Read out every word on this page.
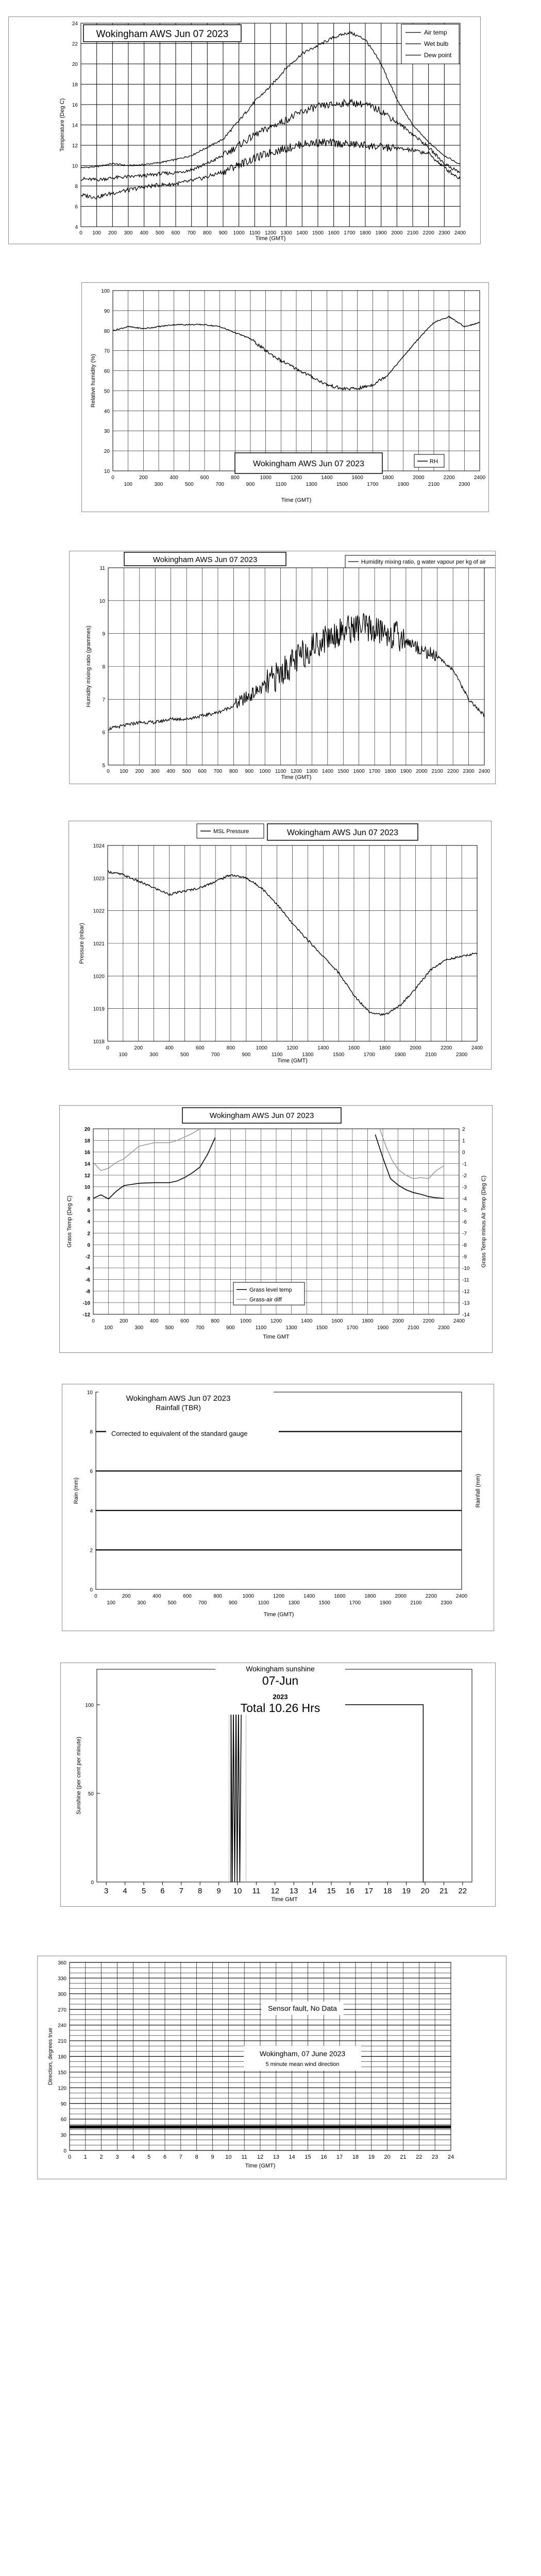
4
6
8
10
12
14
16
18
20
22
24
0 100 200 300 400 500 600 700 800 900 1000 1100 1200 1300 1400 1500 1600 1700 1800 1900 2000 2100 2200 2300 2400
Time (GMT)
Temperature (Deg C)
Wokingham AWS Jun 07 2023	Air temp
Wet bulb
Dew point
10
20
30
40
50
60
70
80
90
100
0	200	400	600	800	1000	1200	1400	1600	1800	2000	2200	2400
100	300	500	700	900	1100	1300	1500	1700	1900	2100	2300
Time (GMT)
Relative humidity (%)
Wokingham AWS Jun 07 2023	RH
5
6
7
8
9
10
11
0 100 200 300 400 500 600 700 800 900 1000 1100 1200 1300 1400 1500 1600 1700 1800 1900 2000 2100 2200 2300 2400
Time (GMT)
Humidity mixing ratio (grammes)
Wokingham AWS Jun 07 2023	Humidity mixing ratio, g water vapour per kg of air
1018
1019
1020
1021
1022
1023
1024
0	200	400	600	800	1000	1200	1400	1600	1800	2000	2200	2400
100	300	500	700	900	1100	1300	1500	1700	1900	2100	2300
Time (GMT)
Pressure (mbar)
MSL Pressure	Wokingham AWS Jun 07 2023
-12
-10
-8
-6
-4
-2
0
2
4
6
8
10
12
14
16
18
20
-14
-13
-12
-11
-10
-9
-8
-7
-6
-5
-4
-3
-2
-1
0
1
2
0	200	400	600	800	1000	1200	1400	1600	1800	2000	2200	2400
100	300	500	700	900	1100	1300	1500	1700	1900	2100	2300
Time GMT
Grass Temp (Deg C)	Grass Temp minus Air Temp (Deg C)
Wokingham AWS Jun 07 2023
Grass level temp
Grass-air diff
0
2
4
6
8
10
0	200	400	600	800	1000	1200	1400	1600	1800	2000	2200	2400
100	300	500	700	900	1100	1300	1500	1700	1900	2100	2300
Time (GMT)
Rain (mm)	Rainfall (mm)
Wokingham AWS Jun 07 2023
Rainfall (TBR)
Corrected to equivalent of the standard gauge
0
50
100
3 4 5 6 7 8 9 10 11 12 13 14 15 16 17 18 19 20 21 22
Time GMT
Sunshine (per cent per minute)
Wokingham sunshine
07-Jun
2023
Total 10.26 Hrs
0
30
60
90
120
150
180
210
240
270
300
330
360
0 1 2 3 4 5 6 7 8 9 10 11 12 13 14 15 16 17 18 19 20 21 22 23 24
Time (GMT)
Direction, degrees true
Sensor fault, No Data
Wokingham, 07 June 2023
5 minute mean wind direction
